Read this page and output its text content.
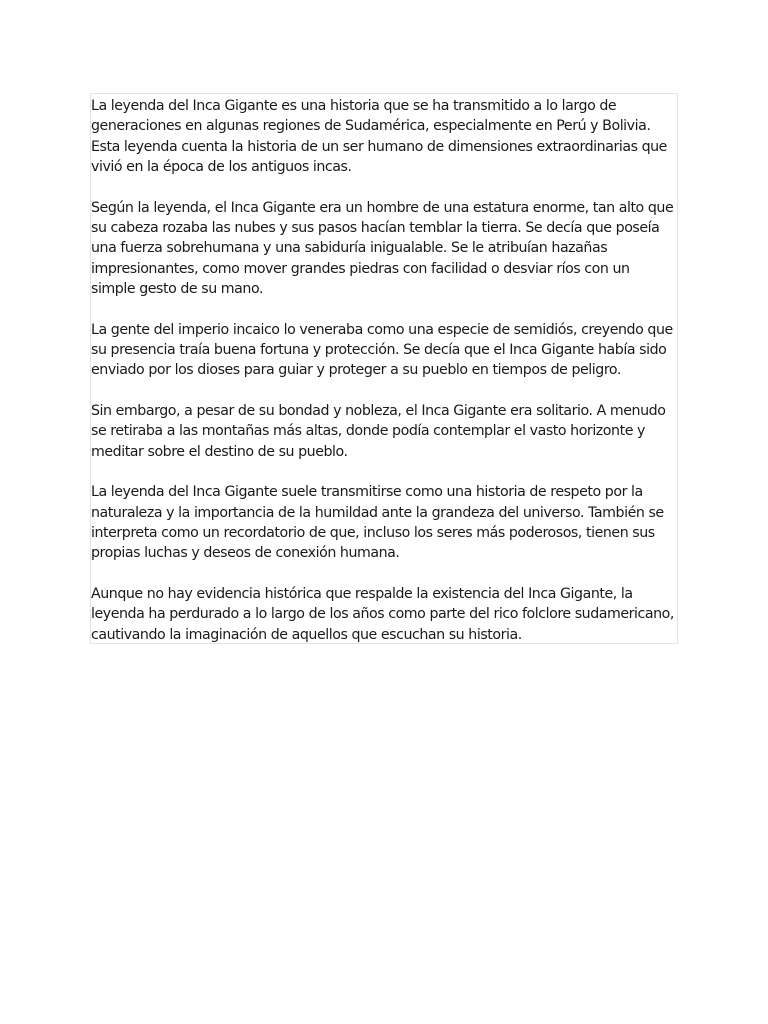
La leyenda del Inca Gigante es una historia que se ha transmitido a lo largo de generaciones en algunas regiones de Sudamérica, especialmente en Perú y Bolivia. Esta leyenda cuenta la historia de un ser humano de dimensiones extraordinarias que vivió en la época de los antiguos incas.

Según la leyenda, el Inca Gigante era un hombre de una estatura enorme, tan alto que su cabeza rozaba las nubes y sus pasos hacían temblar la tierra. Se decía que poseía una fuerza sobrehumana y una sabiduría inigualable. Se le atribuían hazañas impresionantes, como mover grandes piedras con facilidad o desviar ríos con un simple gesto de su mano.

La gente del imperio incaico lo veneraba como una especie de semidiós, creyendo que su presencia traía buena fortuna y protección. Se decía que el Inca Gigante había sido enviado por los dioses para guiar y proteger a su pueblo en tiempos de peligro.

Sin embargo, a pesar de su bondad y nobleza, el Inca Gigante era solitario. A menudo se retiraba a las montañas más altas, donde podía contemplar el vasto horizonte y meditar sobre el destino de su pueblo.

La leyenda del Inca Gigante suele transmitirse como una historia de respeto por la naturaleza y la importancia de la humildad ante la grandeza del universo. También se interpreta como un recordatorio de que, incluso los seres más poderosos, tienen sus propias luchas y deseos de conexión humana.

Aunque no hay evidencia histórica que respalde la existencia del Inca Gigante, la leyenda ha perdurado a lo largo de los años como parte del rico folclore sudamericano, cautivando la imaginación de aquellos que escuchan su historia.
